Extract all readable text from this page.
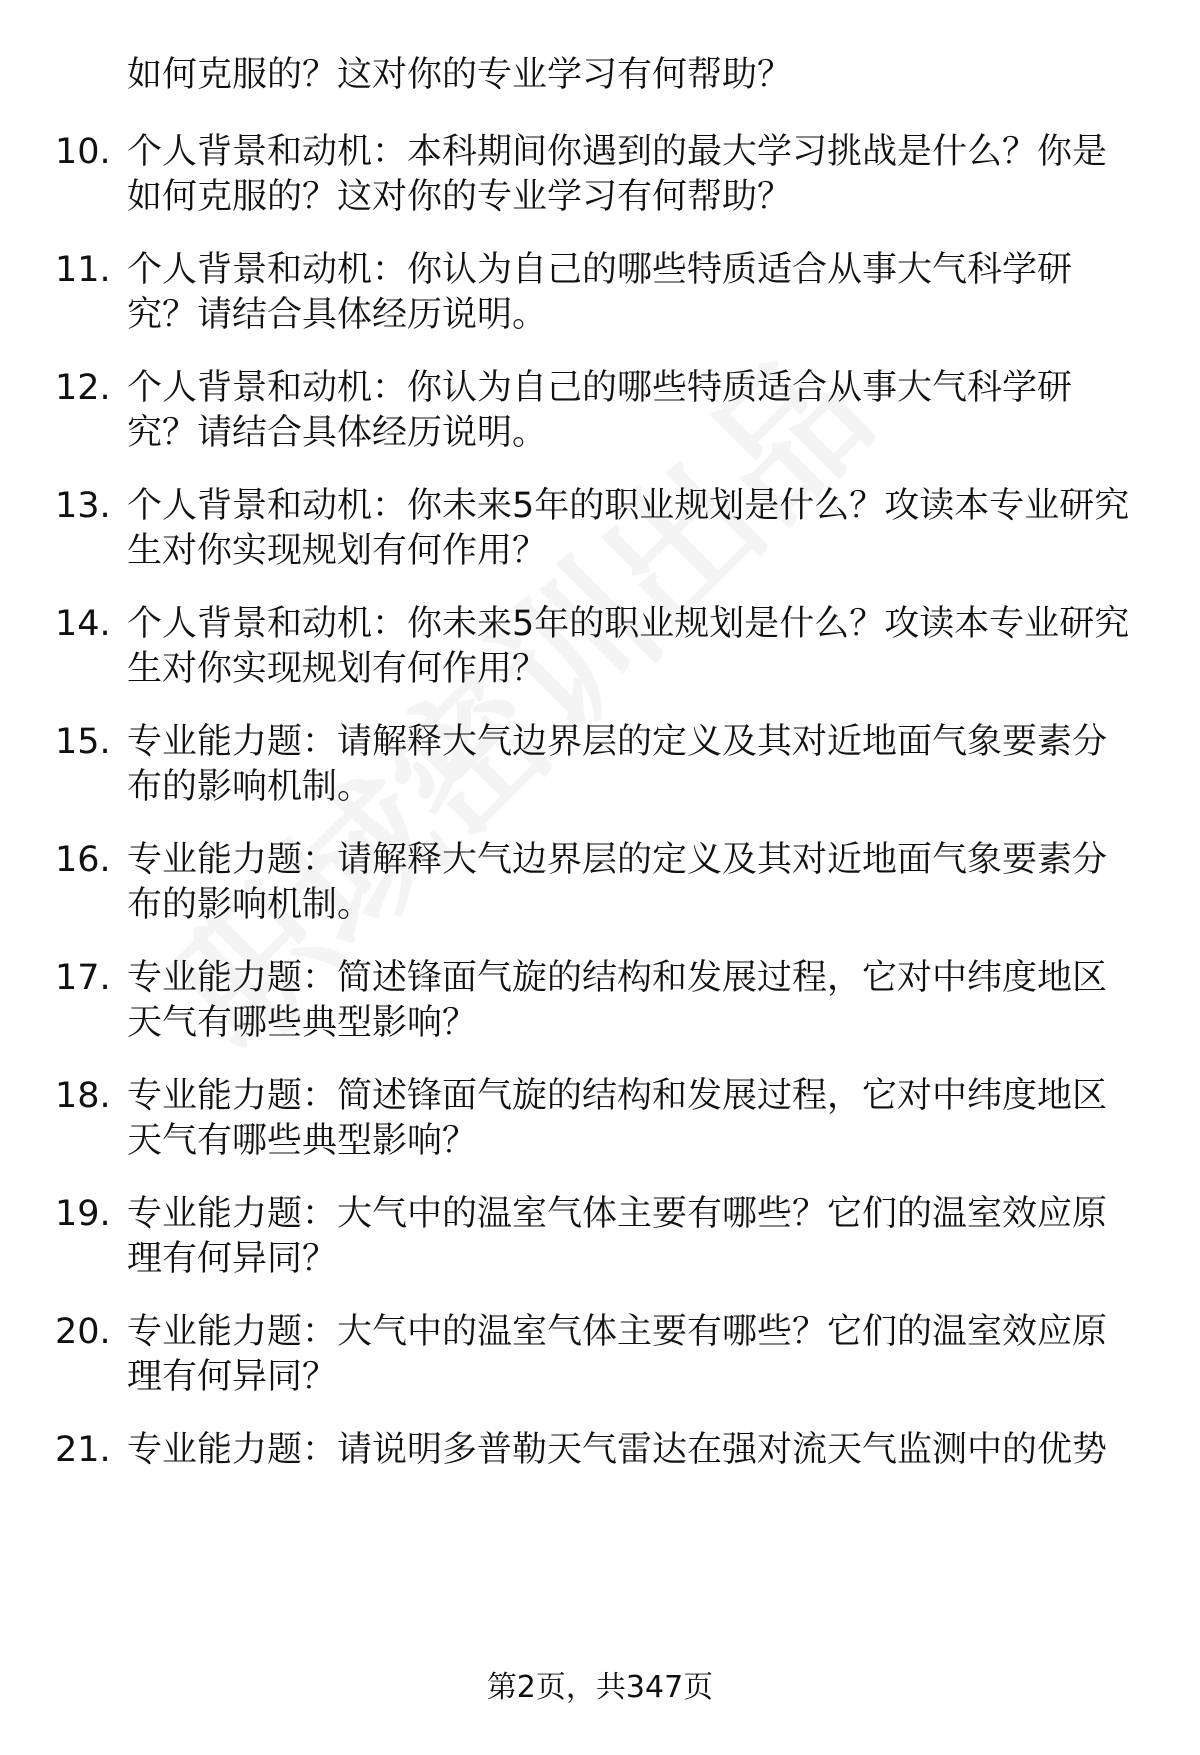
如何克服的？这对你的专业学习有何帮助？
10. 个人背景和动机：本科期间你遇到的最大学习挑战是什么？你是
如何克服的？这对你的专业学习有何帮助？
11. 个人背景和动机：你认为自己的哪些特质适合从事大气科学研
究？请结合具体经历说明。
12. 个人背景和动机：你认为自己的哪些特质适合从事大气科学研
究？请结合具体经历说明。
13. 个人背景和动机：你未来5年的职业规划是什么？攻读本专业研究
生对你实现规划有何作用？
14. 个人背景和动机：你未来5年的职业规划是什么？攻读本专业研究
生对你实现规划有何作用？
15. 专业能力题：请解释大气边界层的定义及其对近地面气象要素分
布的影响机制。
16. 专业能力题：请解释大气边界层的定义及其对近地面气象要素分
布的影响机制。
17. 专业能力题：简述锋面气旋的结构和发展过程，它对中纬度地区
天气有哪些典型影响？
18. 专业能力题：简述锋面气旋的结构和发展过程，它对中纬度地区
天气有哪些典型影响？
19. 专业能力题：大气中的温室气体主要有哪些？它们的温室效应原
理有何异同？
20. 专业能力题：大气中的温室气体主要有哪些？它们的温室效应原
理有何异同？
21. 专业能力题：请说明多普勒天气雷达在强对流天气监测中的优势
第2页，共347页
